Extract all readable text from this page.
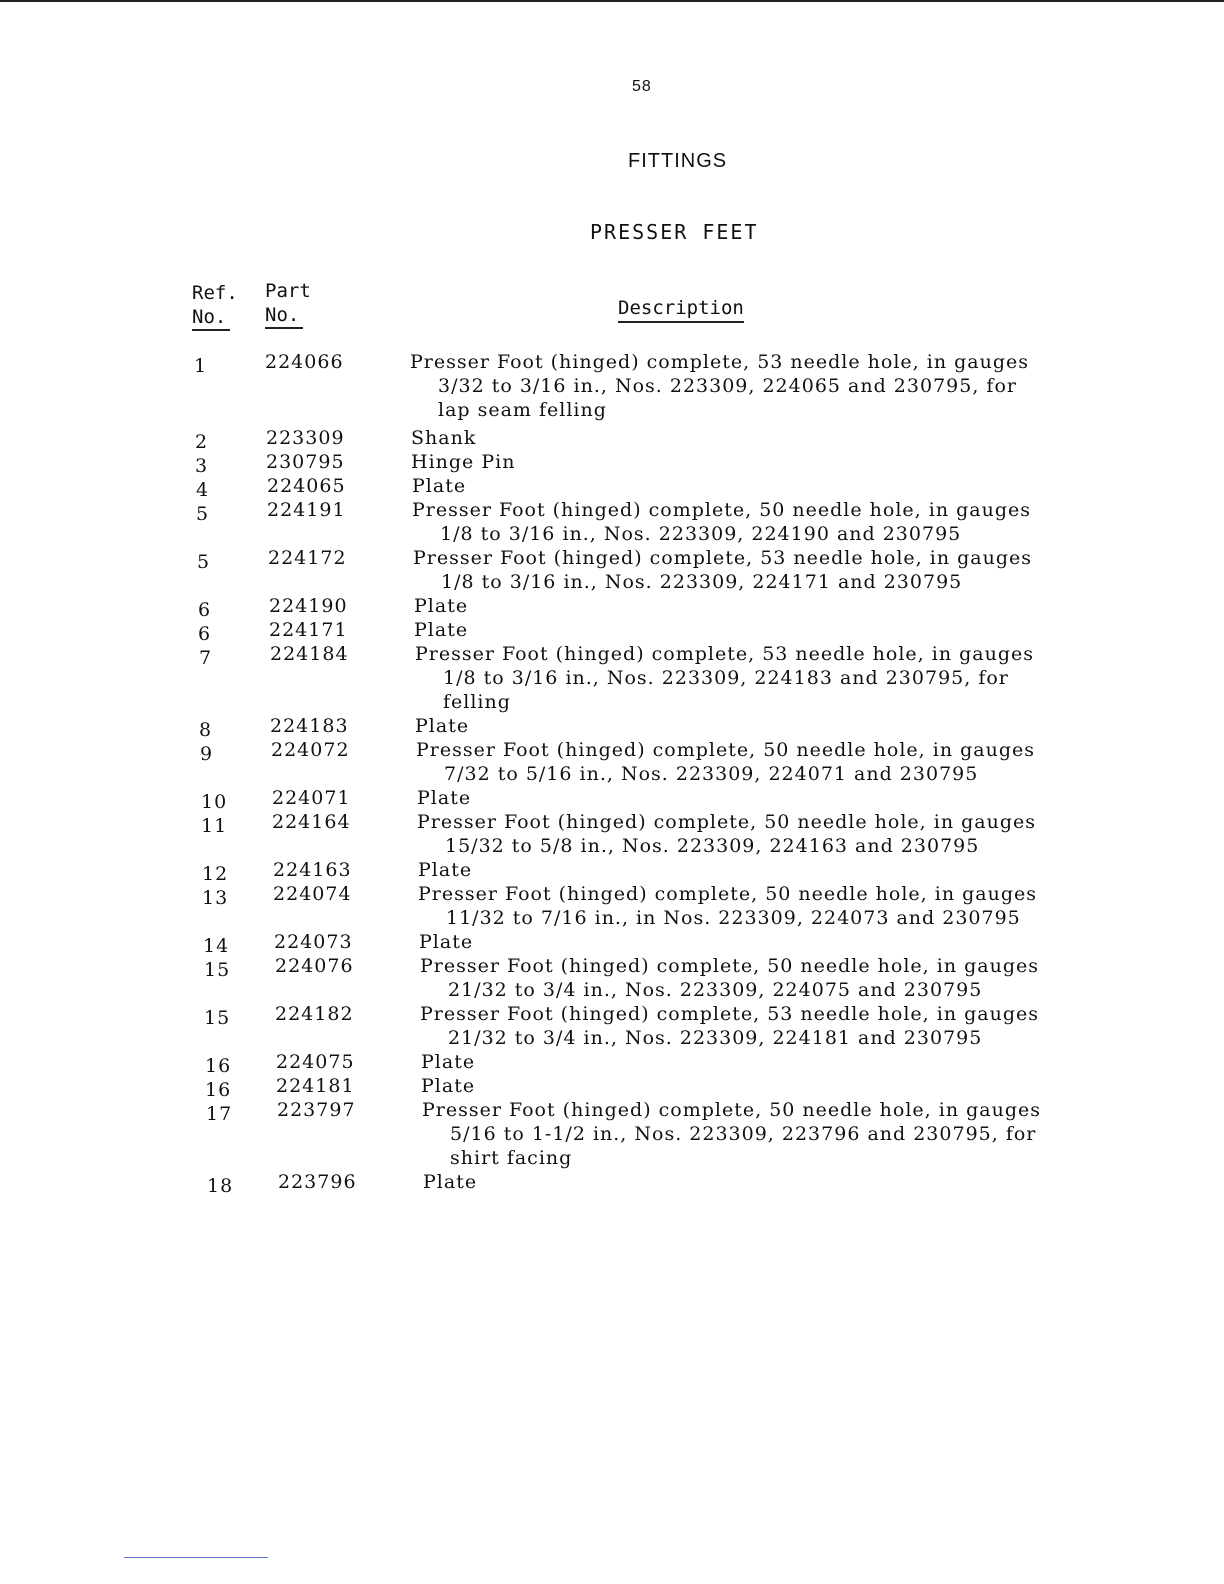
58
FITTINGS
PRESSER FEET
Ref.
No.
Part
No.	Description
1	224066	Presser Foot (hinged) complete, 53 needle hole, in gauges
3/32 to 3/16 in., Nos. 223309, 224065 and 230795, for
lap seam felling
2	223309	Shank
3	230795	Hinge Pin
4	224065	Plate
5	224191	Presser Foot (hinged) complete, 50 needle hole, in gauges
1/8 to 3/16 in., Nos. 223309, 224190 and 230795
5	224172	Presser Foot (hinged) complete, 53 needle hole, in gauges
1/8 to 3/16 in., Nos. 223309, 224171 and 230795
6	224190	Plate
6	224171	Plate
7	224184	Presser Foot (hinged) complete, 53 needle hole, in gauges
1/8 to 3/16 in., Nos. 223309, 224183 and 230795, for
felling
8	224183	Plate
9	224072	Presser Foot (hinged) complete, 50 needle hole, in gauges
7/32 to 5/16 in., Nos. 223309, 224071 and 230795
10	224071	Plate
11	224164	Presser Foot (hinged) complete, 50 needle hole, in gauges
15/32 to 5/8 in., Nos. 223309, 224163 and 230795
12	224163	Plate
13	224074	Presser Foot (hinged) complete, 50 needle hole, in gauges
11/32 to 7/16 in., in Nos. 223309, 224073 and 230795
14	224073	Plate
15	224076	Presser Foot (hinged) complete, 50 needle hole, in gauges
21/32 to 3/4 in., Nos. 223309, 224075 and 230795
15	224182	Presser Foot (hinged) complete, 53 needle hole, in gauges
21/32 to 3/4 in., Nos. 223309, 224181 and 230795
16	224075	Plate
16	224181	Plate
17	223797	Presser Foot (hinged) complete, 50 needle hole, in gauges
5/16 to 1-1/2 in., Nos. 223309, 223796 and 230795, for
shirt facing
18	223796	Plate
